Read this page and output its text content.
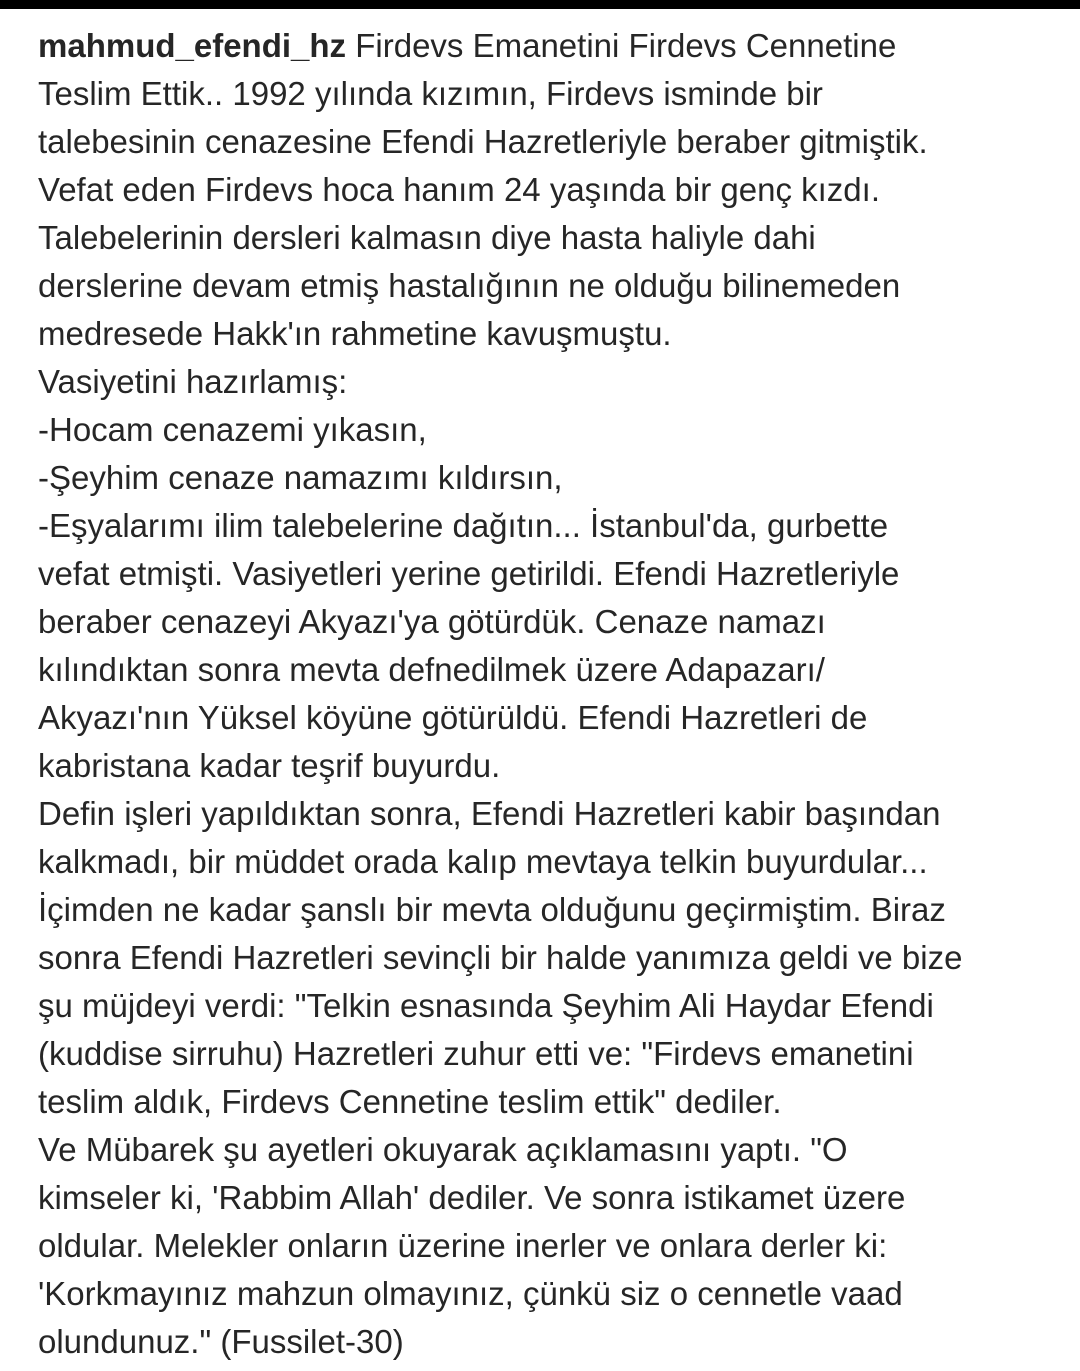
mahmud_efendi_hz Firdevs Emanetini Firdevs Cennetine
Teslim Ettik.. 1992 yılında kızımın, Firdevs isminde bir
talebesinin cenazesine Efendi Hazretleriyle beraber gitmiştik.
Vefat eden Firdevs hoca hanım 24 yaşında bir genç kızdı.
Talebelerinin dersleri kalmasın diye hasta haliyle dahi
derslerine devam etmiş hastalığının ne olduğu bilinemeden
medresede Hakk'ın rahmetine kavuşmuştu.
Vasiyetini hazırlamış:
-Hocam cenazemi yıkasın,
-Şeyhim cenaze namazımı kıldırsın,
-Eşyalarımı ilim talebelerine dağıtın... İstanbul'da, gurbette
vefat etmişti. Vasiyetleri yerine getirildi. Efendi Hazretleriyle
beraber cenazeyi Akyazı'ya götürdük. Cenaze namazı
kılındıktan sonra mevta defnedilmek üzere Adapazarı/
Akyazı'nın Yüksel köyüne götürüldü. Efendi Hazretleri de
kabristana kadar teşrif buyurdu.
Defin işleri yapıldıktan sonra, Efendi Hazretleri kabir başından
kalkmadı, bir müddet orada kalıp mevtaya telkin buyurdular...
İçimden ne kadar şanslı bir mevta olduğunu geçirmiştim. Biraz
sonra Efendi Hazretleri sevinçli bir halde yanımıza geldi ve bize
şu müjdeyi verdi: "Telkin esnasında Şeyhim Ali Haydar Efendi
(kuddise sirruhu) Hazretleri zuhur etti ve: "Firdevs emanetini
teslim aldık, Firdevs Cennetine teslim ettik" dediler.
Ve Mübarek şu ayetleri okuyarak açıklamasını yaptı. "O
kimseler ki, 'Rabbim Allah' dediler. Ve sonra istikamet üzere
oldular. Melekler onların üzerine inerler ve onlara derler ki:
'Korkmayınız mahzun olmayınız, çünkü siz o cennetle vaad
olundunuz." (Fussilet-30)
